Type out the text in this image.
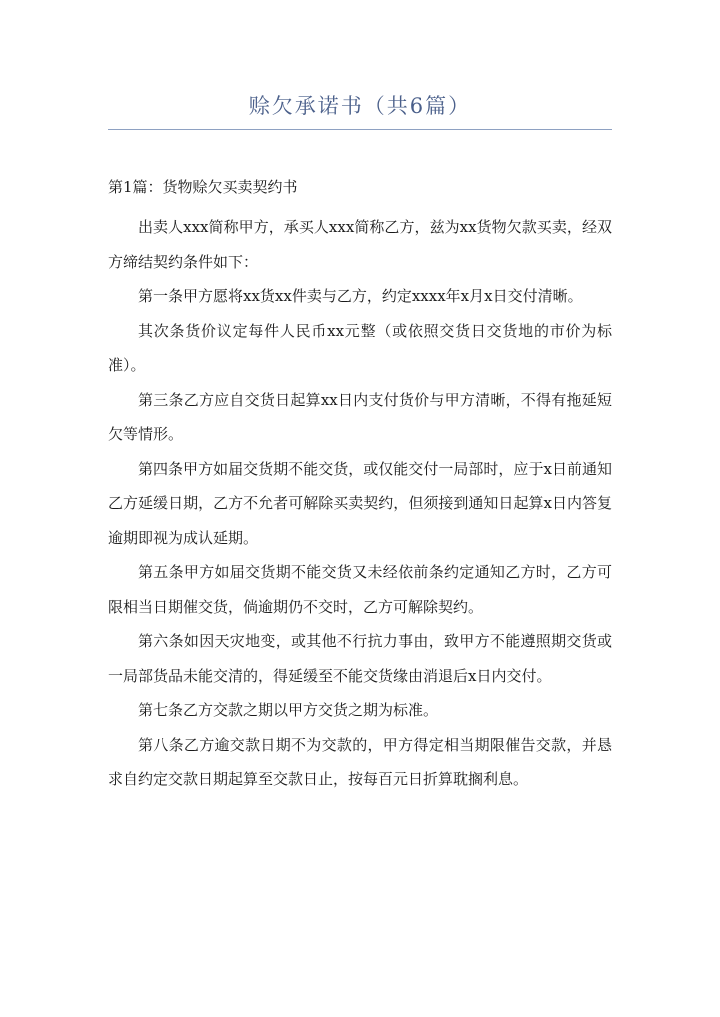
赊欠承诺书（共6篇）
第1篇：货物赊欠买卖契约书

出卖人xxx简称甲方，承买人xxx简称乙方，兹为xx货物欠款买卖，经双方缔结契约条件如下：

第一条甲方愿将xx货xx件卖与乙方，约定xxxx年x月x日交付清晰。

其次条货价议定每件人民币xx元整（或依照交货日交货地的市价为标准）。

第三条乙方应自交货日起算xx日内支付货价与甲方清晰，不得有拖延短欠等情形。

第四条甲方如届交货期不能交货，或仅能交付一局部时，应于x日前通知乙方延缓日期，乙方不允者可解除买卖契约，但须接到通知日起算x日内答复逾期即视为成认延期。

第五条甲方如届交货期不能交货又未经依前条约定通知乙方时，乙方可限相当日期催交货，倘逾期仍不交时，乙方可解除契约。

第六条如因天灾地变，或其他不行抗力事由，致甲方不能遵照期交货或一局部货品未能交清的，得延缓至不能交货缘由消退后x日内交付。

第七条乙方交款之期以甲方交货之期为标准。

第八条乙方逾交款日期不为交款的，甲方得定相当期限催告交款，并恳求自约定交款日期起算至交款日止，按每百元日折算耽搁利息。
